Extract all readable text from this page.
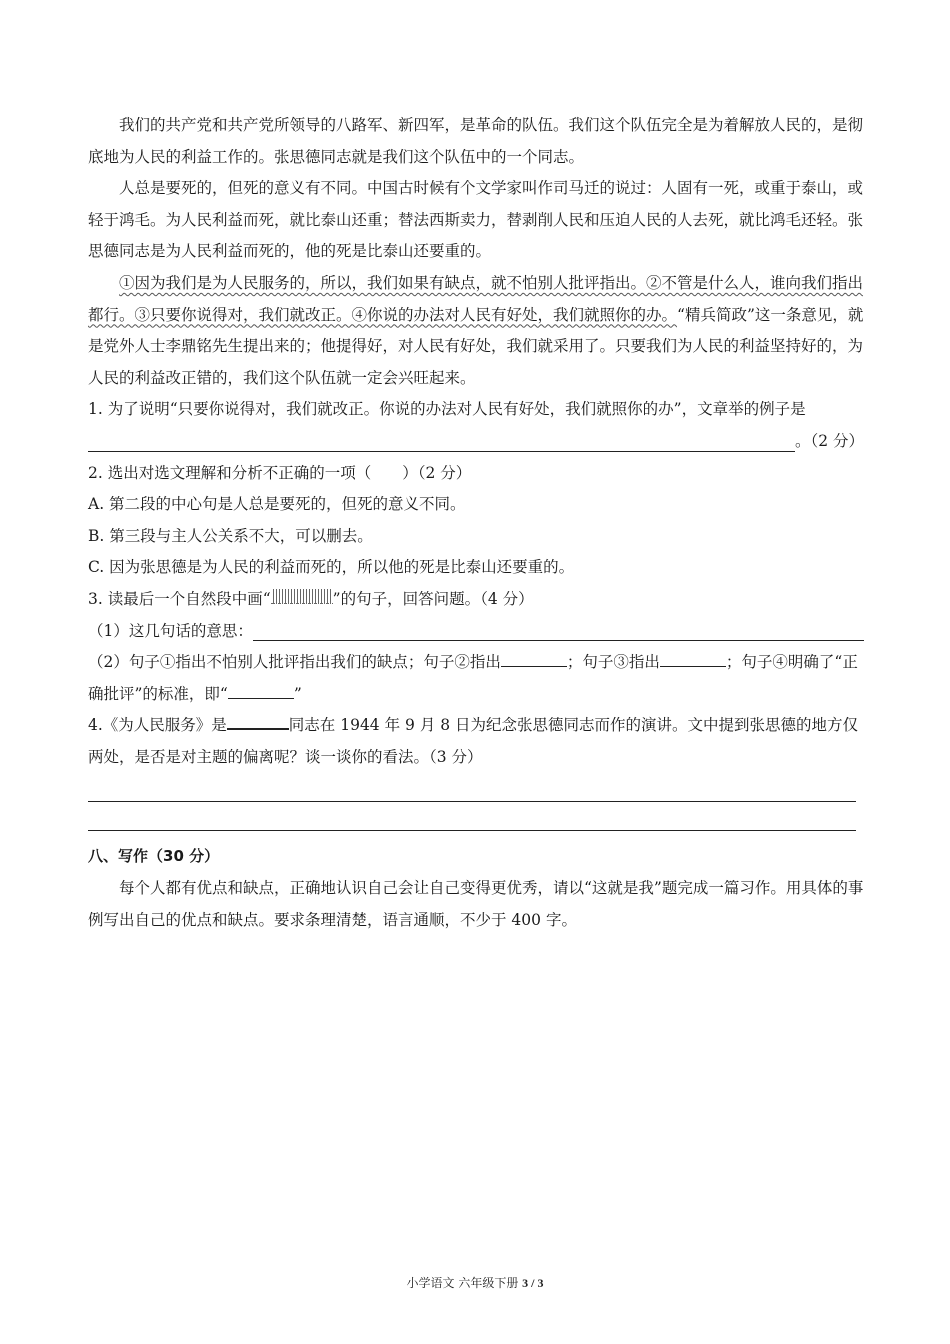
我们的共产党和共产党所领导的八路军、新四军，是革命的队伍。我们这个队伍完全是为着解放人民的，是彻底地为人民的利益工作的。张思德同志就是我们这个队伍中的一个同志。

人总是要死的，但死的意义有不同。中国古时候有个文学家叫作司马迁的说过：人固有一死，或重于泰山，或轻于鸿毛。为人民利益而死，就比泰山还重；替法西斯卖力，替剥削人民和压迫人民的人去死，就比鸿毛还轻。张思德同志是为人民利益而死的，他的死是比泰山还要重的。

①因为我们是为人民服务的，所以，我们如果有缺点，就不怕别人批评指出。②不管是什么人，谁向我们指出都行。③只要你说得对，我们就改正。④你说的办法对人民有好处，我们就照你的办。“精兵简政”这一条意见，就是党外人士李鼎铭先生提出来的；他提得好，对人民有好处，我们就采用了。只要我们为人民的利益坚持好的，为人民的利益改正错的，我们这个队伍就一定会兴旺起来。

1. 为了说明“只要你说得对，我们就改正。你说的办法对人民有好处，我们就照你的办”，文章举的例子是

。（2 分）

2. 选出对选文理解和分析不正确的一项（　　）（2 分）

A. 第二段的中心句是人总是要死的，但死的意义不同。

B. 第三段与主人公关系不大，可以删去。

C. 因为张思德是为人民的利益而死的，所以他的死是比泰山还要重的。

3. 读最后一个自然段中画“	”的句子，回答问题。（4 分）

（1）这几句话的意思：

（2）句子①指出不怕别人批评指出我们的缺点；句子②指出	；句子③指出	；句子④明确了“正确批评”的标准，即“	”

4.《为人民服务》是	同志在 1944 年 9 月 8 日为纪念张思德同志而作的演讲。文中提到张思德的地方仅两处，是否是对主题的偏离呢？谈一谈你的看法。（3 分）

八、写作（30 分）

每个人都有优点和缺点，正确地认识自己会让自己变得更优秀，请以“这就是我”题完成一篇习作。用具体的事例写出自己的优点和缺点。要求条理清楚，语言通顺，不少于 400 字。

小学语文 六年级下册 3 / 3
